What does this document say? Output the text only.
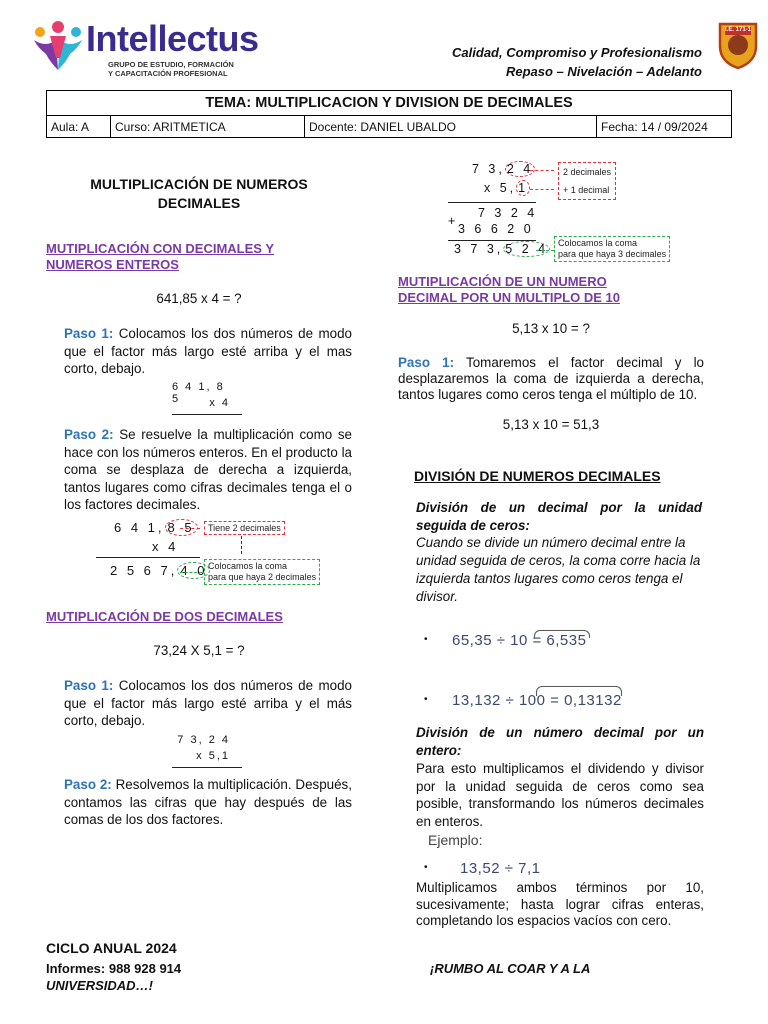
Intellectus
GRUPO DE ESTUDIO, FORMACIÓN
Y CAPACITACIÓN PROFESIONAL
Calidad, Compromiso y Profesionalismo
Repaso – Nivelación – Adelanto
I.E. 171-1
TEMA: MULTIPLICACION Y DIVISION DE DECIMALES
Aula: A	Curso: ARITMETICA	Docente: DANIEL UBALDO	Fecha: 14 / 09/2024
MULTIPLICACIÓN DE NUMEROS
DECIMALES
MUTIPLICACIÓN CON DECIMALES Y
NUMEROS ENTEROS
641,85 x 4 = ?
Paso 1: Colocamos los dos números de modo que el factor más largo esté arriba y el mas corto, debajo.
6 4 1, 8 5	x 4
Paso 2: Se resuelve la multiplicación como se hace con los números enteros. En el producto la coma se desplaza de derecha a izquierda, tantos lugares como cifras decimales tenga el o los factores decimales.
6 4 1, 8 5
x 4
2 5 6 7, 4 0
Tiene 2 decimales
Colocamos la coma
para que haya 2 decimales
MUTIPLICACIÓN DE DOS DECIMALES
73,24 X 5,1 = ?
Paso 1: Colocamos los dos números de modo que el factor más largo esté arriba y el más corto, debajo.
7 3, 2 4
x 5,1
Paso 2: Resolvemos la multiplicación. Después, contamos las cifras que hay después de las comas de los dos factores.
7 3, 2 4
x 5, 1
7 3 2 4
+
3 6 6 2 0
3 7 3, 5 2 4
2 decimales
+ 1 decimal
Colocamos la coma
para que haya 3 decimales
MUTIPLICACIÓN DE UN NUMERO
DECIMAL POR UN MULTIPLO DE 10
5,13 x 10 = ?
Paso 1: Tomaremos el factor decimal y lo desplazaremos la coma de izquierda a derecha, tantos lugares como ceros tenga el múltiplo de 10.
5,13 x 10 = 51,3
DIVISIÓN DE NUMEROS DECIMALES
División de un decimal por la unidad
seguida de ceros:
Cuando se divide un número decimal entre la unidad seguida de ceros, la coma corre hacia la izquierda tantos lugares como ceros tenga el divisor.
• 65,35 ÷ 10 = 6,535
• 13,132 ÷ 100 = 0,13132
División de un número decimal por un
entero:
Para esto multiplicamos el dividendo y divisor por la unidad seguida de ceros como sea posible, transformando los números decimales en enteros.
Ejemplo:
• 13,52 ÷ 7,1
Multiplicamos ambos términos por 10, sucesivamente; hasta lograr cifras enteras, completando los espacios vacíos con cero.
CICLO ANUAL 2024
Informes: 988 928 914
UNIVERSIDAD…!
¡RUMBO AL COAR Y A LA
